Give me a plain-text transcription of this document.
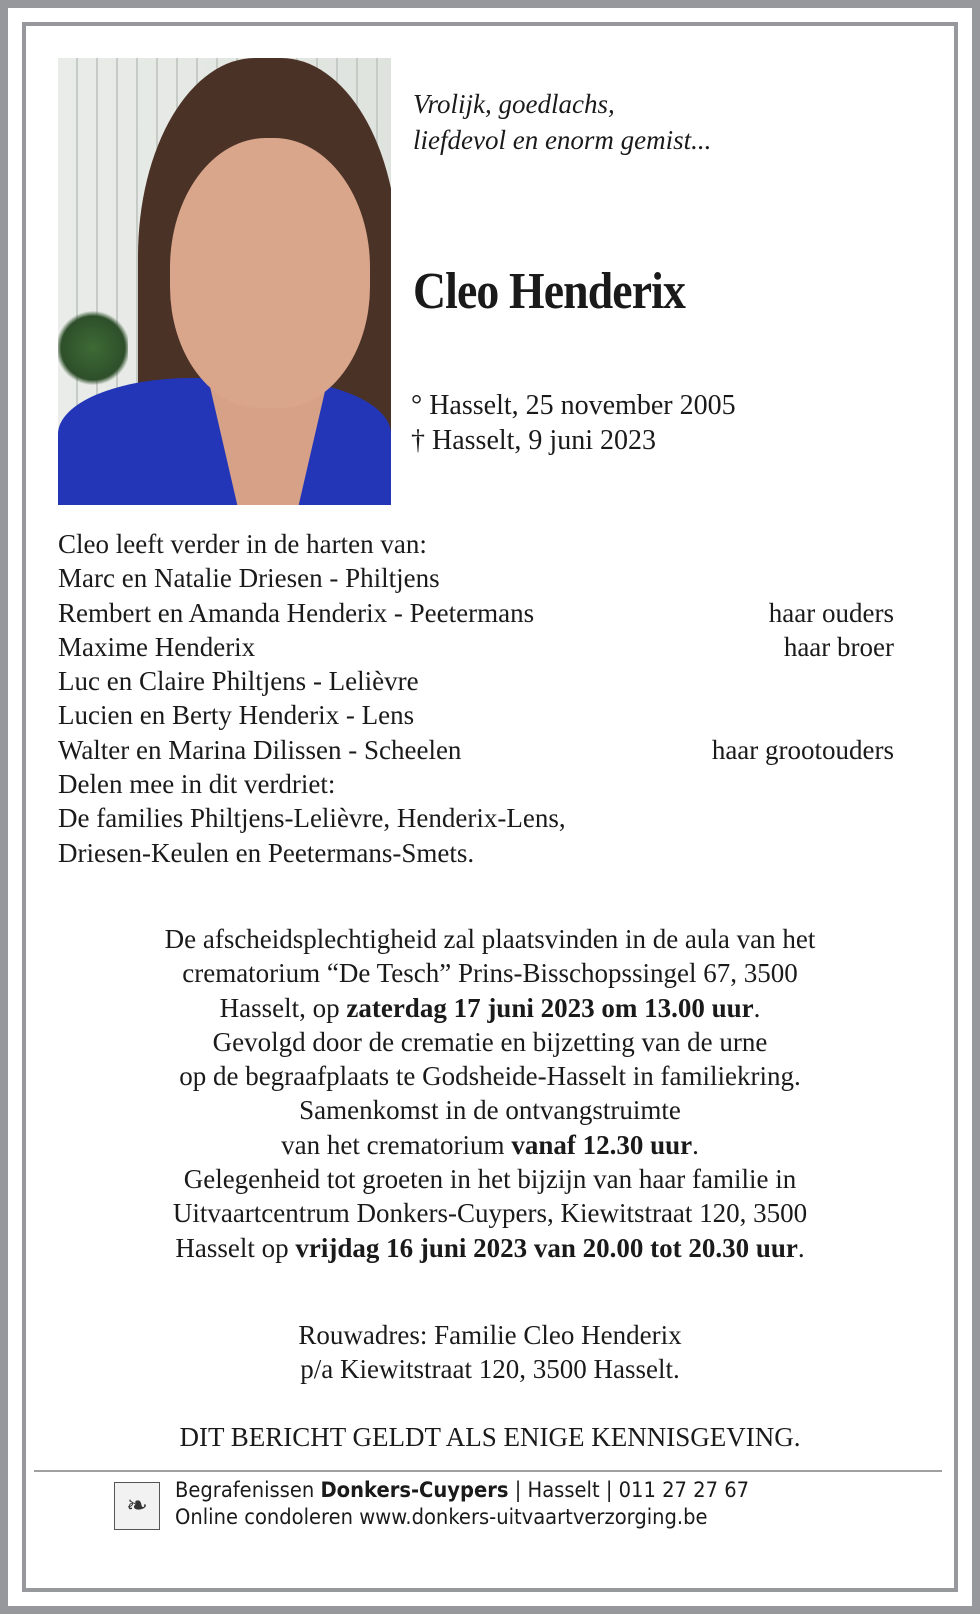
Vrolijk, goedlachs,
liefdevol en enorm gemist...
Cleo Henderix
° Hasselt, 25 november 2005
† Hasselt, 9 juni 2023
Cleo leeft verder in de harten van:
Marc en Natalie Driesen - Philtjens
Rembert en Amanda Henderix - Peetermans	haar ouders
Maxime Henderix	haar broer
Luc en Claire Philtjens - Lelièvre
Lucien en Berty Henderix - Lens
Walter en Marina Dilissen - Scheelen	haar grootouders
Delen mee in dit verdriet:
De families Philtjens-Lelièvre, Henderix-Lens,
Driesen-Keulen en Peetermans-Smets.
De afscheidsplechtigheid zal plaatsvinden in de aula van het
crematorium “De Tesch” Prins-Bisschopssingel 67, 3500
Hasselt, op zaterdag 17 juni 2023 om 13.00 uur.
Gevolgd door de crematie en bijzetting van de urne
op de begraafplaats te Godsheide-Hasselt in familiekring.
Samenkomst in de ontvangstruimte
van het crematorium vanaf 12.30 uur.
Gelegenheid tot groeten in het bijzijn van haar familie in
Uitvaartcentrum Donkers-Cuypers, Kiewitstraat 120, 3500
Hasselt op vrijdag 16 juni 2023 van 20.00 tot 20.30 uur.
Rouwadres: Familie Cleo Henderix
p/a Kiewitstraat 120, 3500 Hasselt.
DIT BERICHT GELDT ALS ENIGE KENNISGEVING.
❧
Begrafenissen Donkers-Cuypers | Hasselt | 011 27 27 67
Online condoleren www.donkers-uitvaartverzorging.be
